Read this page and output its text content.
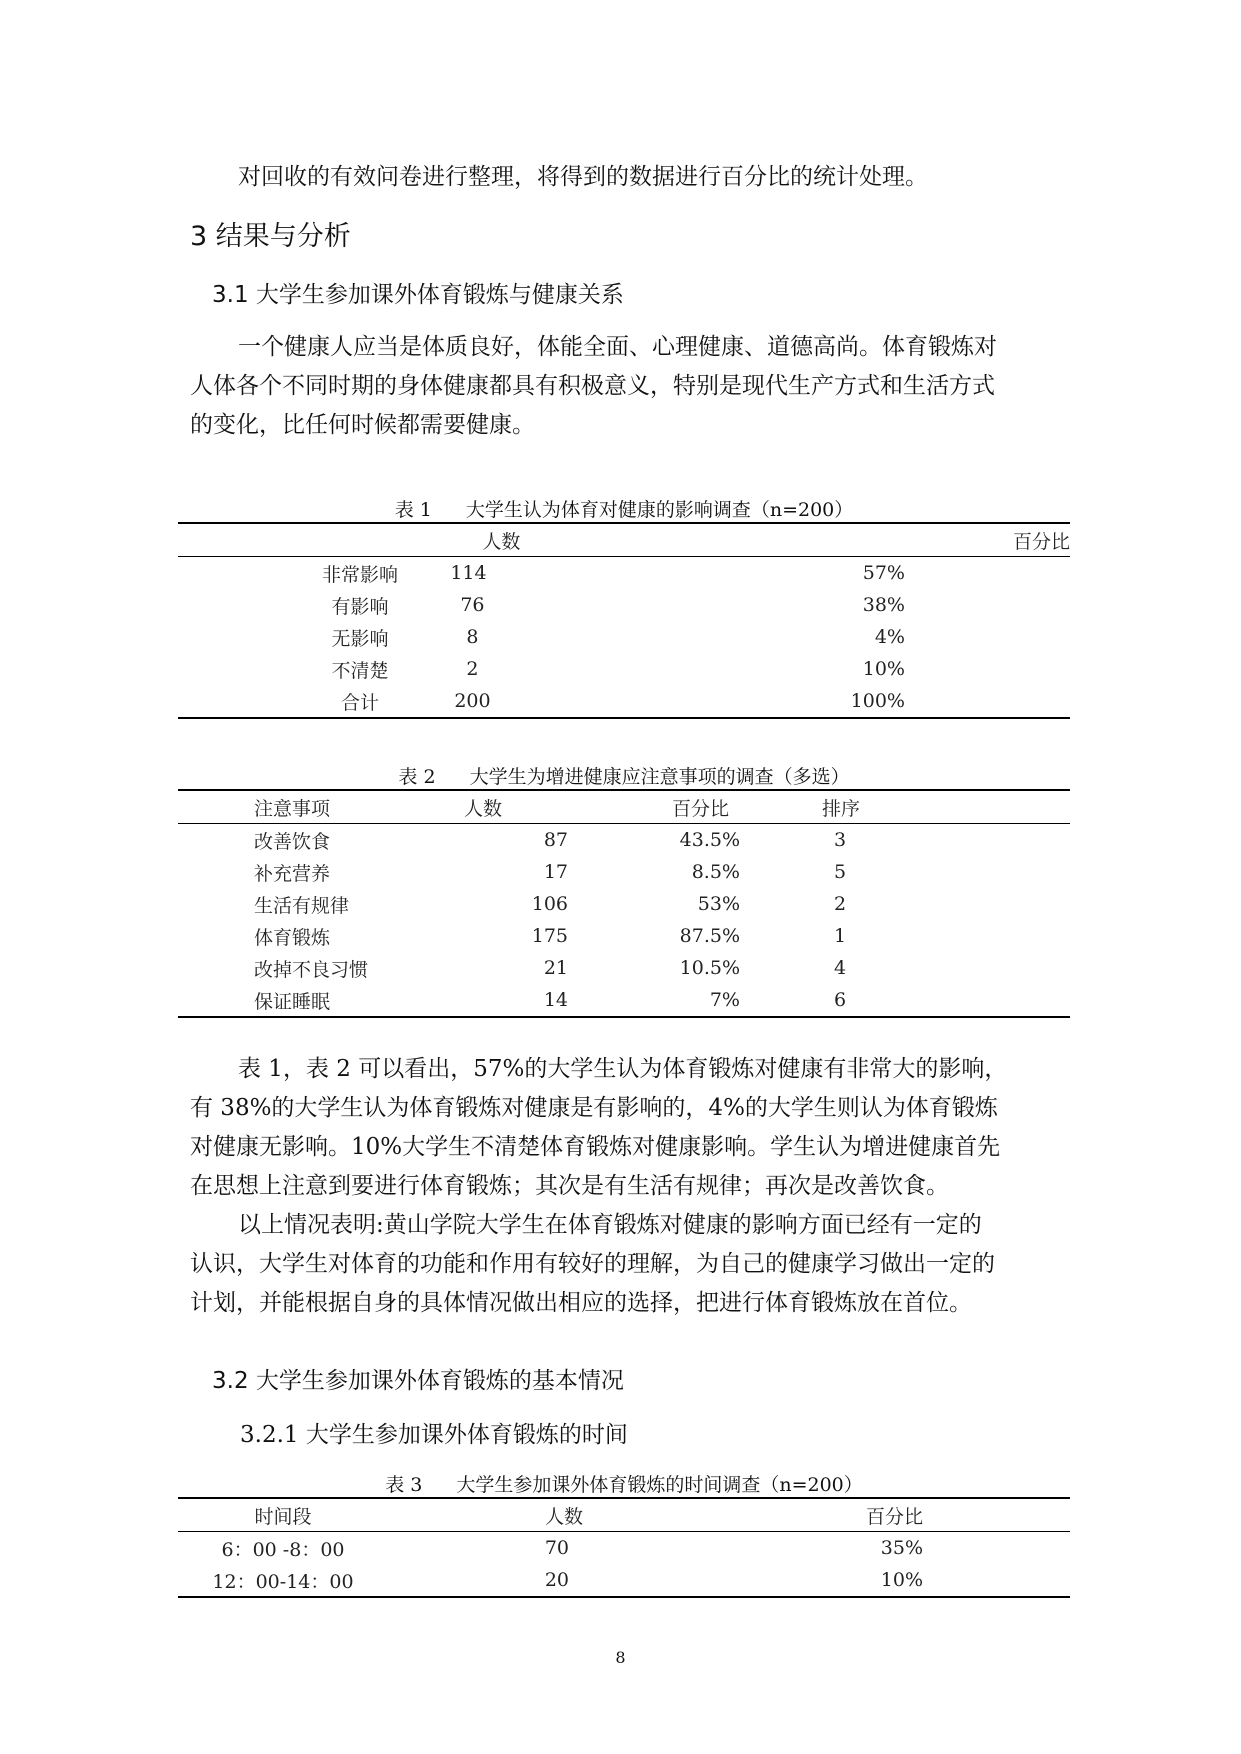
对回收的有效问卷进行整理，将得到的数据进行百分比的统计处理。

3 结果与分析
3.1 大学生参加课外体育锻炼与健康关系

一个健康人应当是体质良好，体能全面、心理健康、道德高尚。体育锻炼对
人体各个不同时期的身体健康都具有积极意义，特别是现代生产方式和生活方式
的变化，比任何时候都需要健康。

表 1 大学生认为体育对健康的影响调查（n=200）
	人数		百分比	
	非常影响	114	57%	
	有影响	76	38%	
	无影响	8	4%	
	不清楚	2	10%	
	合计	200	100%	
表 2 大学生为增进健康应注意事项的调查（多选）
	注意事项	人数	百分比	排序	
	改善饮食	87	43.5%	3	
	补充营养	17	8.5%	5	
	生活有规律	106	53%	2	
	体育锻炼	175	87.5%	1	
	改掉不良习惯	21	10.5%	4	
	保证睡眠	14	7%	6	

表 1，表 2 可以看出，57%的大学生认为体育锻炼对健康有非常大的影响，
有 38%的大学生认为体育锻炼对健康是有影响的，4%的大学生则认为体育锻炼
对健康无影响。10%大学生不清楚体育锻炼对健康影响。学生认为增进健康首先
在思想上注意到要进行体育锻炼；其次是有生活有规律；再次是改善饮食。

以上情况表明:黄山学院大学生在体育锻炼对健康的影响方面已经有一定的
认识，大学生对体育的功能和作用有较好的理解，为自己的健康学习做出一定的
计划，并能根据自身的具体情况做出相应的选择，把进行体育锻炼放在首位。

3.2 大学生参加课外体育锻炼的基本情况
3.2.1 大学生参加课外体育锻炼的时间
表 3 大学生参加课外体育锻炼的时间调查（n=200）
时间段	人数	百分比	
6：00 -8：00	70	35%	
12：00-14：00	20	10%	
8
